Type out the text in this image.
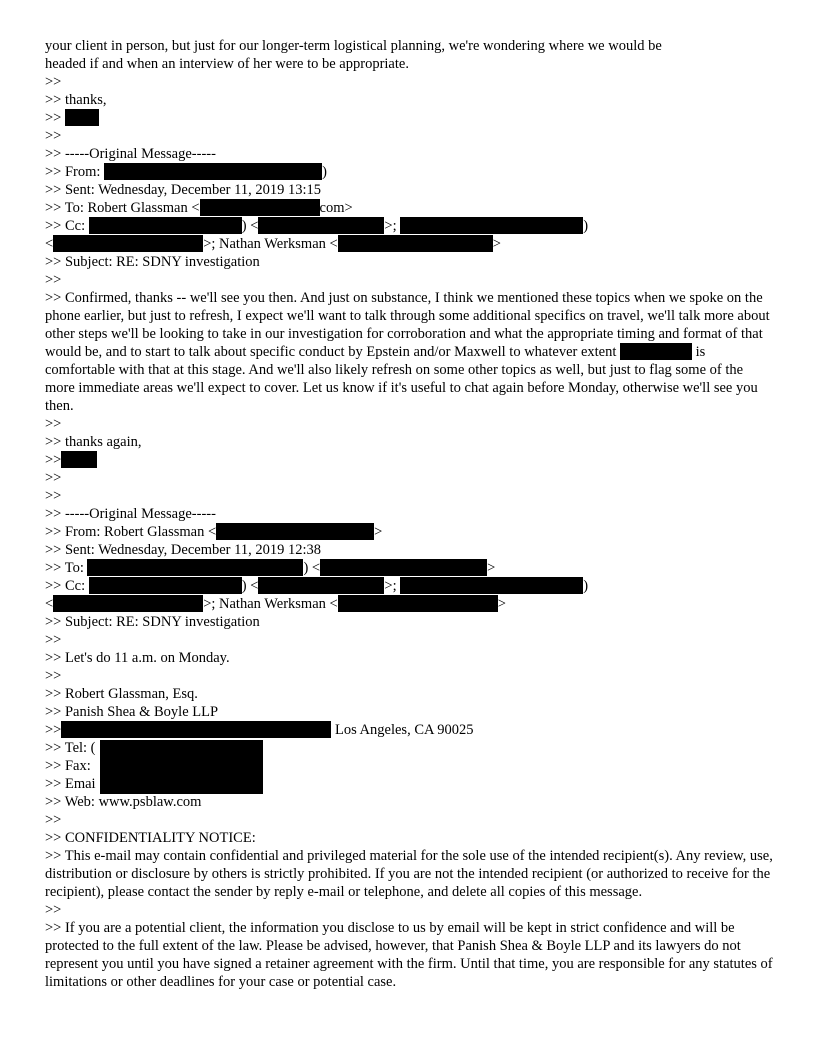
your client in person, but just for our longer-term logistical planning, we're wondering where we would be
headed if and when an interview of her were to be appropriate.
>>
>> thanks,
>>
>>
>> -----Original Message-----
>> From:	)
>> Sent: Wednesday, December 11, 2019 13:15
>> To: Robert Glassman <	com>
>> Cc:	) <	>;	)
<	>; Nathan Werksman <	>
>> Subject: RE: SDNY investigation
>>
>> Confirmed, thanks -- we'll see you then. And just on substance, I think we mentioned these topics when we spoke on the phone earlier, but just to refresh, I expect we'll want to talk through some additional specifics on travel, we'll talk more about other steps we'll be looking to take in our investigation for corroboration and what the appropriate timing and format of that would be, and to start to talk about specific conduct by Epstein and/or Maxwell to whatever extent	is comfortable with that at this stage. And we'll also likely refresh on some other topics as well, but just to flag some of the more immediate areas we'll expect to cover. Let us know if it's useful to chat again before Monday, otherwise we'll see you then.
>>
>> thanks again,
>>
>>
>>
>> -----Original Message-----
>> From: Robert Glassman <	>
>> Sent: Wednesday, December 11, 2019 12:38
>> To:	) <	>
>> Cc:	) <	>;	)
<	>; Nathan Werksman <	>
>> Subject: RE: SDNY investigation
>>
>> Let's do 11 a.m. on Monday.
>>
>> Robert Glassman, Esq.
>> Panish Shea & Boyle LLP
>>	Los Angeles, CA 90025
>> Tel: (
>> Fax:
>> Emai
>> Web: www.psblaw.com
>>
>> CONFIDENTIALITY NOTICE:
>> This e-mail may contain confidential and privileged material for the sole use of the intended recipient(s). Any review, use, distribution or disclosure by others is strictly prohibited. If you are not the intended recipient (or authorized to receive for the recipient), please contact the sender by reply e-mail or telephone, and delete all copies of this message.
>>
>> If you are a potential client, the information you disclose to us by email will be kept in strict confidence and will be protected to the full extent of the law. Please be advised, however, that Panish Shea & Boyle LLP and its lawyers do not represent you until you have signed a retainer agreement with the firm. Until that time, you are responsible for any statutes of limitations or other deadlines for your case or potential case.
